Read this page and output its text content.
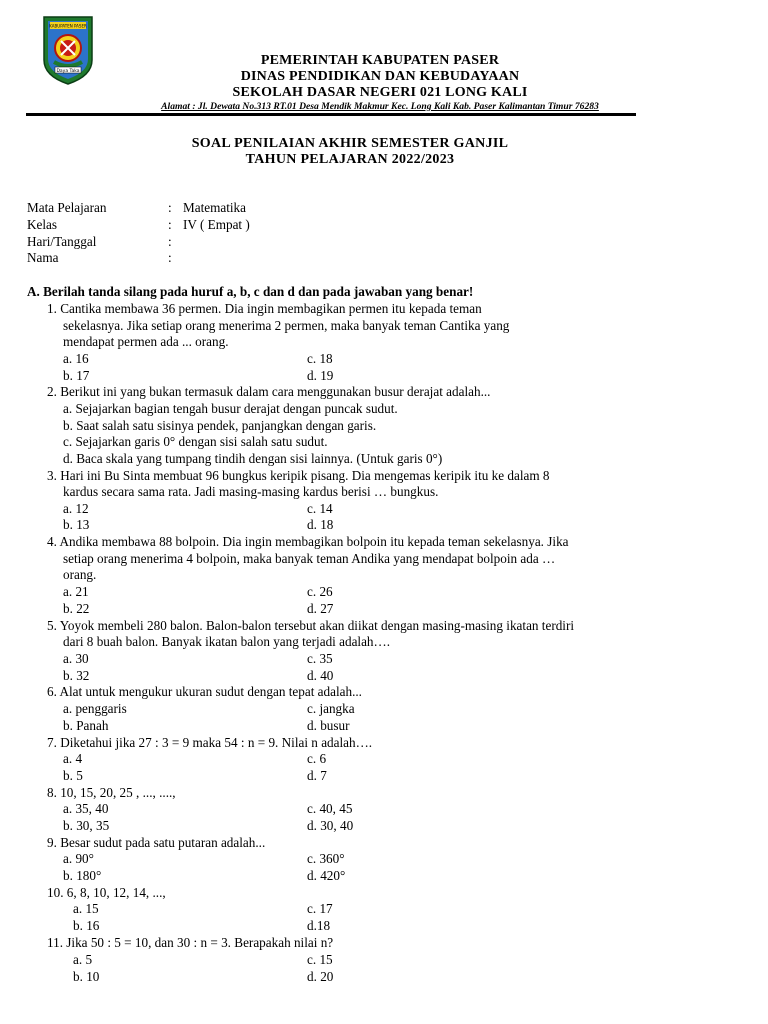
KABUPATEN PASER
Daya Taka
PEMERINTAH KABUPATEN PASER
DINAS PENDIDIKAN DAN KEBUDAYAAN
SEKOLAH DASAR NEGERI 021 LONG KALI
Alamat : Jl. Dewata No.313 RT.01 Desa Mendik Makmur Kec. Long Kali Kab. Paser Kalimantan Timur 76283
SOAL PENILAIAN AKHIR SEMESTER GANJIL
TAHUN PELAJARAN 2022/2023
Mata Pelajaran	: Matematika
Kelas	: IV ( Empat )
Hari/Tanggal	:
Nama	:
A. Berilah tanda silang pada huruf a, b, c dan d dan pada jawaban yang benar!
1. Cantika membawa 36 permen. Dia ingin membagikan permen itu kepada teman
sekelasnya. Jika setiap orang menerima 2 permen, maka banyak teman Cantika yang
mendapat permen ada ... orang.
a. 16	c. 18
b. 17	d. 19
2. Berikut ini yang bukan termasuk dalam cara menggunakan busur derajat adalah...
a. Sejajarkan bagian tengah busur derajat dengan puncak sudut.
b. Saat salah satu sisinya pendek, panjangkan dengan garis.
c. Sejajarkan garis 0° dengan sisi salah satu sudut.
d. Baca skala yang tumpang tindih dengan sisi lainnya. (Untuk garis 0°)
3. Hari ini Bu Sinta membuat 96 bungkus keripik pisang. Dia mengemas keripik itu ke dalam 8
kardus secara sama rata. Jadi masing-masing kardus berisi … bungkus.
a. 12	c. 14
b. 13	d. 18
4. Andika membawa 88 bolpoin. Dia ingin membagikan bolpoin itu kepada teman sekelasnya. Jika
setiap orang menerima 4 bolpoin, maka banyak teman Andika yang mendapat bolpoin ada …
orang.
a. 21	c. 26
b. 22	d. 27
5. Yoyok membeli 280 balon. Balon-balon tersebut akan diikat dengan masing-masing ikatan terdiri
dari 8 buah balon. Banyak ikatan balon yang terjadi adalah….
a. 30	c. 35
b. 32	d. 40
6. Alat untuk mengukur ukuran sudut dengan tepat adalah...
a. penggaris	c. jangka
b. Panah	d. busur
7. Diketahui jika 27 : 3 = 9 maka 54 : n = 9. Nilai n adalah….
a. 4	c. 6
b. 5	d. 7
8. 10, 15, 20, 25 , ..., ....,
a. 35, 40	c. 40, 45
b. 30, 35	d. 30, 40
9. Besar sudut pada satu putaran adalah...
a. 90°	c. 360°
b. 180°	d. 420°
10. 6, 8, 10, 12, 14, ...,
a. 15	c. 17
b. 16	d.18
11. Jika 50 : 5 = 10, dan 30 : n = 3. Berapakah nilai n?
a. 5	c. 15
b. 10	d. 20
